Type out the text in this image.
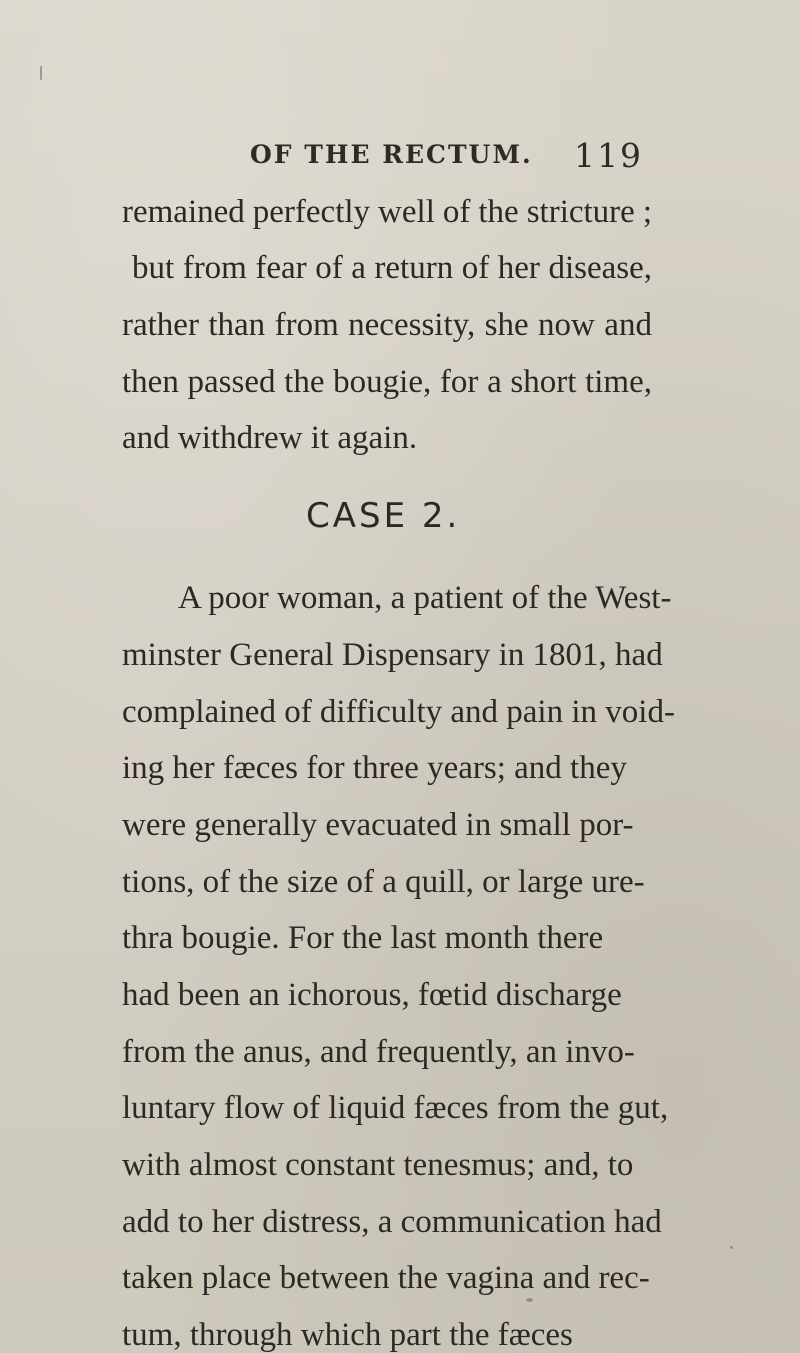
OF THE RECTUM. 119
remained perfectly well of the stricture ;
but from fear of a return of her disease,
rather than from necessity, she now and
then passed the bougie, for a short time,
and withdrew it again.
CASE 2.
A poor woman, a patient of the West-
minster General Dispensary in 1801, had
complained of difficulty and pain in void-
ing her fæces for three years; and they
were generally evacuated in small por-
tions, of the size of a quill, or large ure-
thra bougie. For the last month there
had been an ichorous, fœtid discharge
from the anus, and frequently, an invo-
luntary flow of liquid fæces from the gut,
with almost constant tenesmus; and, to
add to her distress, a communication had
taken place between the vagina and rec-
tum, through which part the fæces
